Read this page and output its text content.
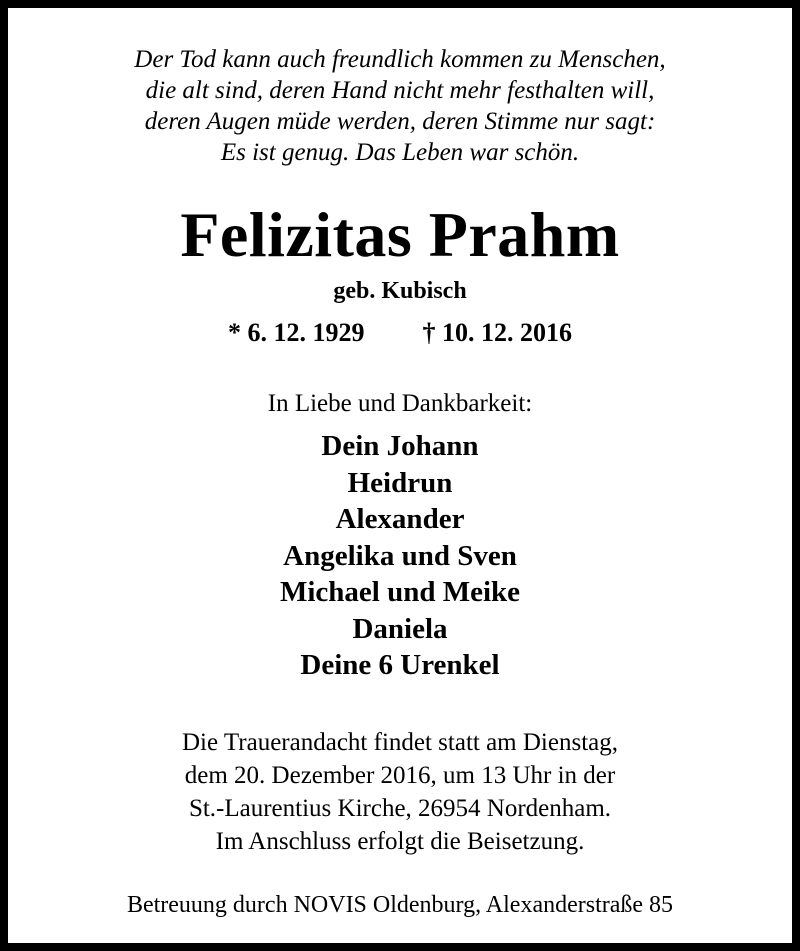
Der Tod kann auch freundlich kommen zu Menschen,
die alt sind, deren Hand nicht mehr festhalten will,
deren Augen müde werden, deren Stimme nur sagt:
Es ist genug. Das Leben war schön.
Felizitas Prahm
geb. Kubisch
* 6. 12. 1929 † 10. 12. 2016
In Liebe und Dankbarkeit:
Dein Johann
Heidrun
Alexander
Angelika und Sven
Michael und Meike
Daniela
Deine 6 Urenkel
Die Trauerandacht findet statt am Dienstag,
dem 20. Dezember 2016, um 13 Uhr in der
St.-Laurentius Kirche, 26954 Nordenham.
Im Anschluss erfolgt die Beisetzung.
Betreuung durch NOVIS Oldenburg, Alexanderstraße 85
